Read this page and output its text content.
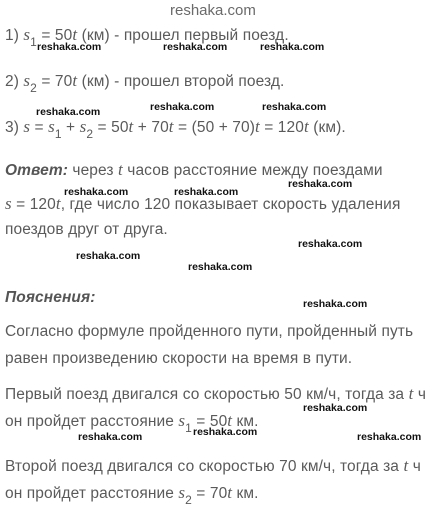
reshaka.com
1) $s_1 = 50t$ (км) - прошел первый поезд.
2) $s_2 = 70t$ (км) - прошел второй поезд.
3) $s = s_1 + s_2 = 50t + 70t = (50 + 70)t = 120t$ (км).
Ответ: через t часов расстояние между поездами
s = 120t, где число 120 показывает скорость удаления
поездов друг от друга.
Пояснения:
Согласно формуле пройденного пути, пройденный путь
равен произведению скорости на время в пути.
Первый поезд двигался со скоростью 50 км/ч, тогда за t ч
он пройдет расстояние $s_1 = 50t$ км.
Второй поезд двигался со скоростью 70 км/ч, тогда за t ч
он пройдет расстояние $s_2 = 70t$ км.
reshaka.com	reshaka.com	reshaka.com
reshaka.com	reshaka.com	reshaka.com
reshaka.com	reshaka.com
reshaka.com
reshaka.com
reshaka.com
reshaka.com
reshaka.com
reshaka.com
reshaka.com	reshaka.com	reshaka.com
